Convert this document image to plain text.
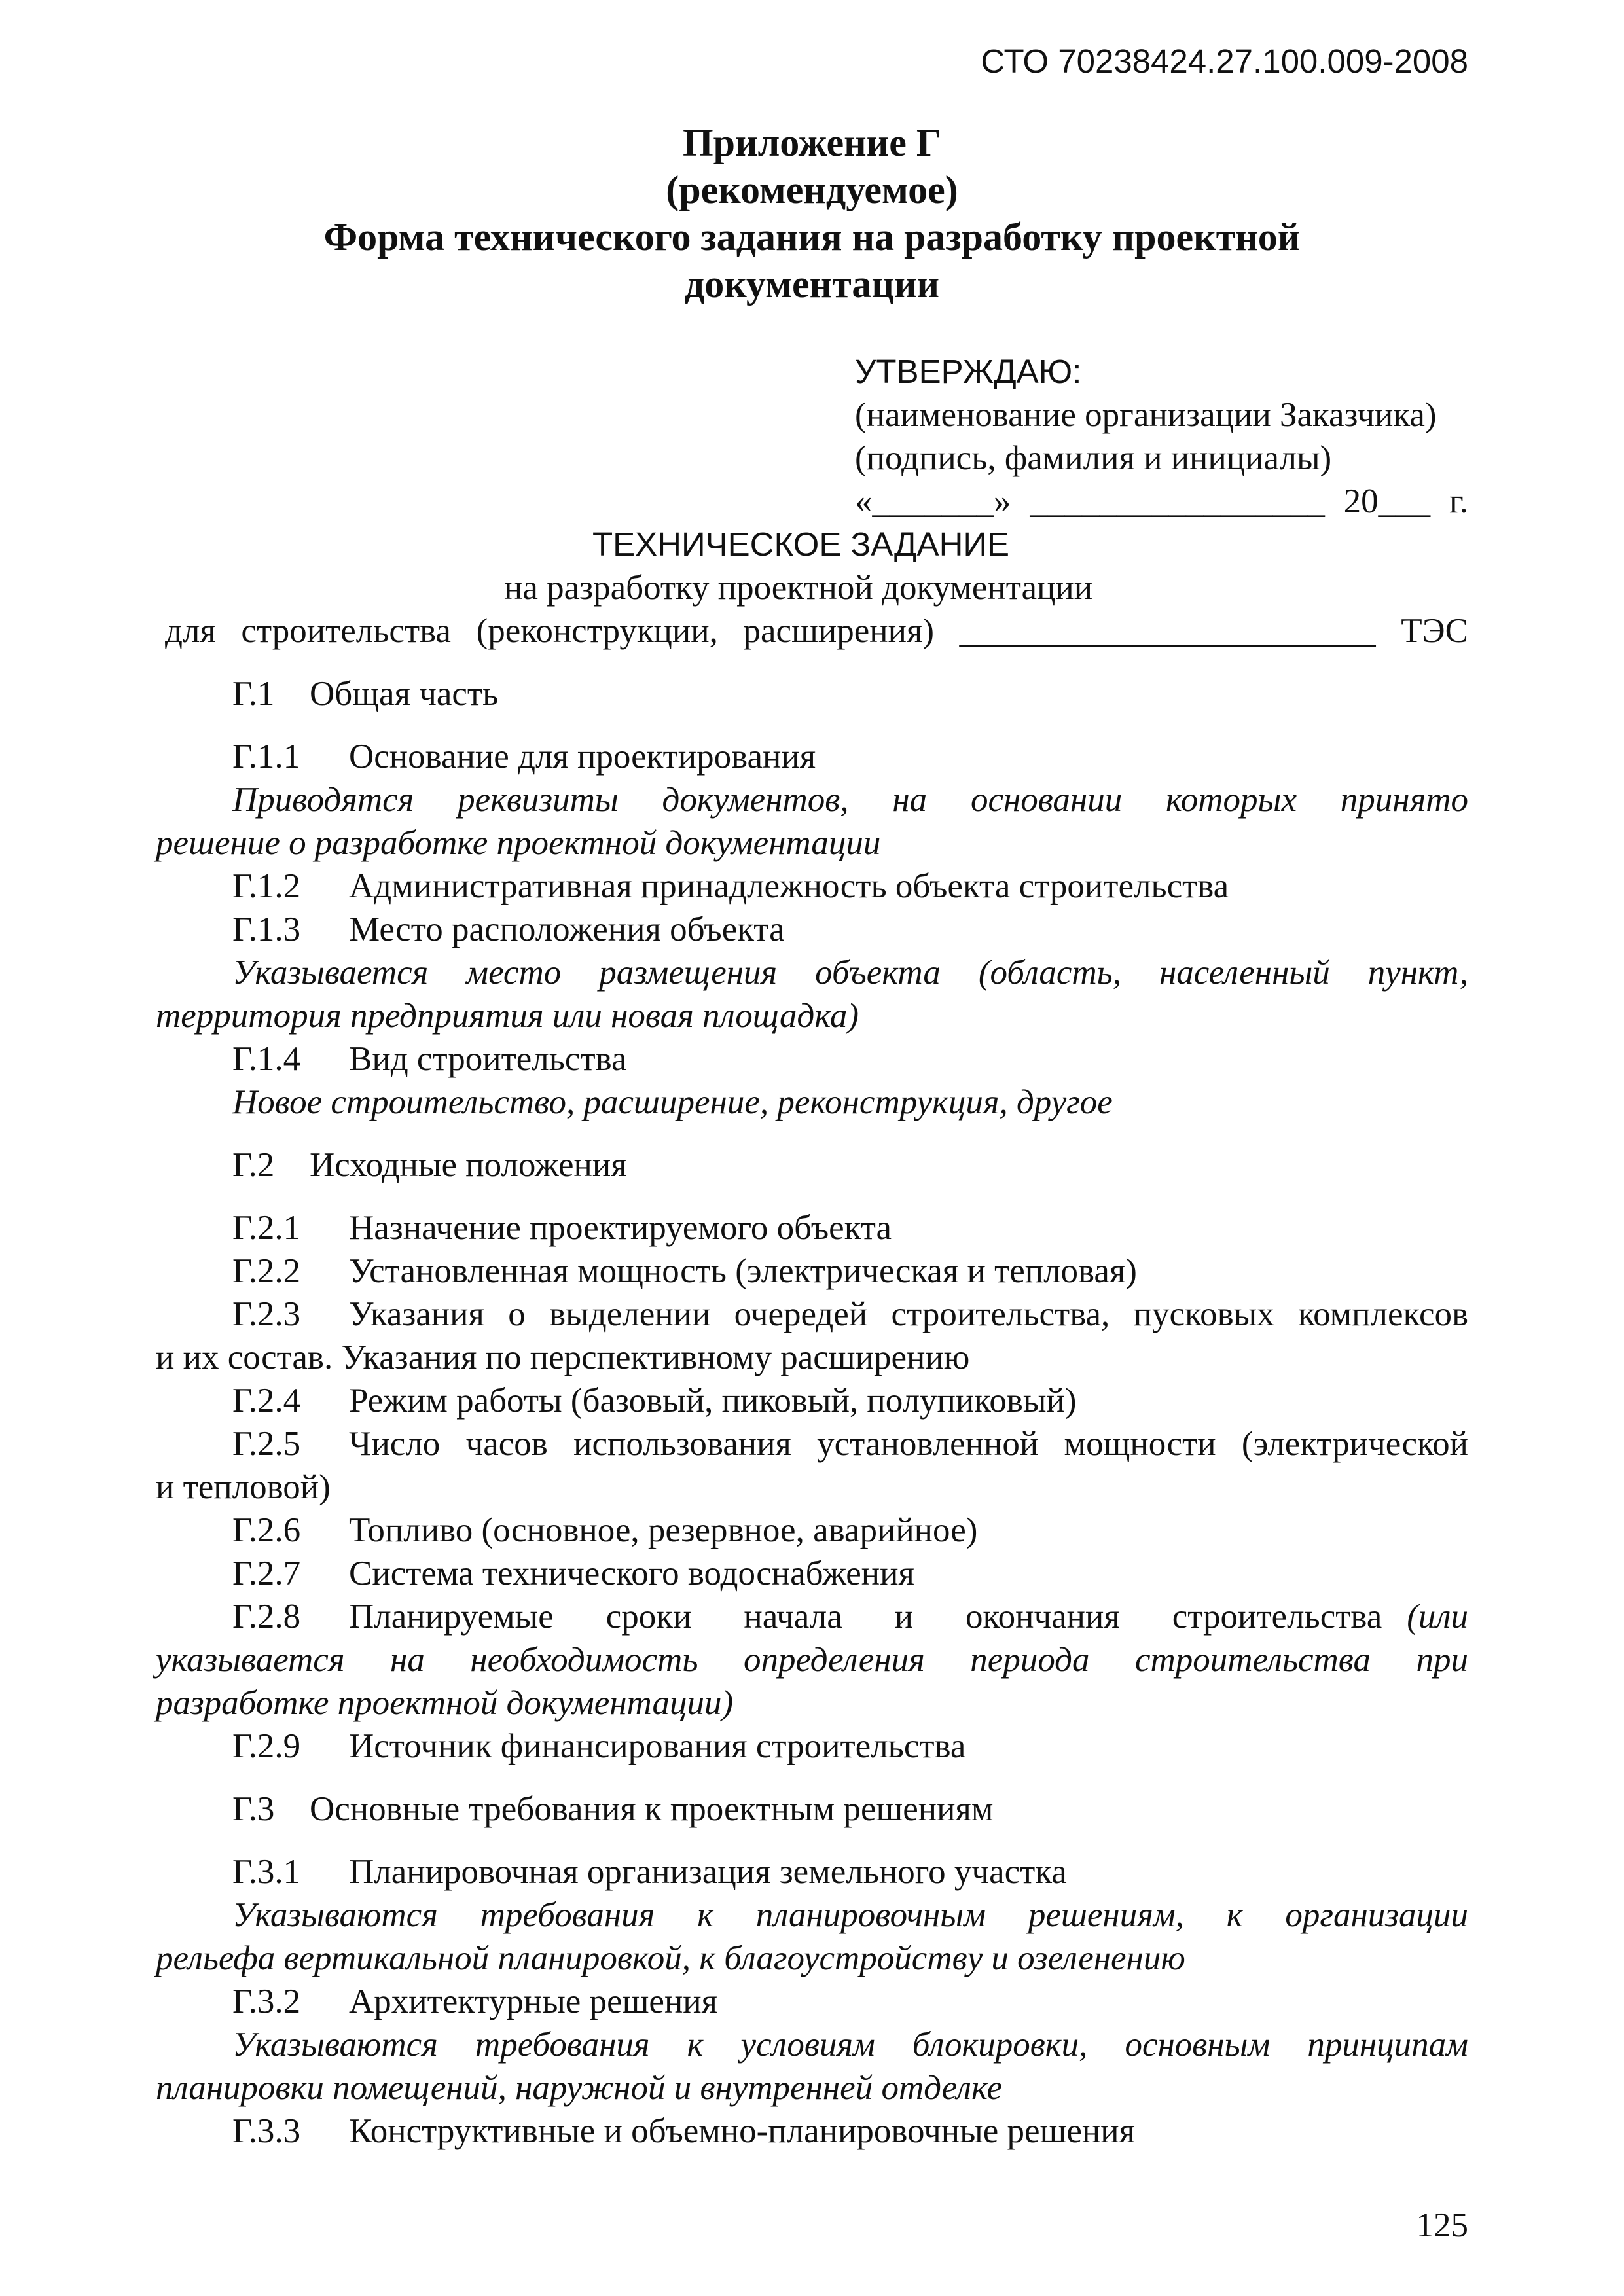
СТО 70238424.27.100.009-2008
Приложение Г
(рекомендуемое)
Форма технического задания на разработку проектной
документации
УТВЕРЖДАЮ:
(наименование организации Заказчика)
(подпись, фамилия и инициалы)
«_______» _________________ 20___ г.
ТЕХНИЧЕСКОЕ ЗАДАНИЕ
на разработку проектной документации
для строительства (реконструкции, расширения) ________________________ ТЭС
Г.1 Общая часть
Г.1.1 Основание для проектирования
Приводятся реквизиты документов, на основании которых принято
решение о разработке проектной документации
Г.1.2 Административная принадлежность объекта строительства
Г.1.3 Место расположения объекта
Указывается место размещения объекта (область, населенный пункт,
территория предприятия или новая площадка)
Г.1.4 Вид строительства
Новое строительство, расширение, реконструкция, другое
Г.2 Исходные положения
Г.2.1 Назначение проектируемого объекта
Г.2.2 Установленная мощность (электрическая и тепловая)
Г.2.3	Указания о выделении очередей строительства, пусковых комплексов
и их состав. Указания по перспективному расширению
Г.2.4 Режим работы (базовый, пиковый, полупиковый)
Г.2.5	Число часов использования установленной мощности (электрической
и тепловой)
Г.2.6 Топливо (основное, резервное, аварийное)
Г.2.7 Система технического водоснабжения
Г.2.8	Планируемые сроки начала и окончания строительства (или
указывается на необходимость определения периода строительства при
разработке проектной документации)
Г.2.9 Источник финансирования строительства
Г.3 Основные требования к проектным решениям
Г.3.1 Планировочная организация земельного участка
Указываются требования к планировочным решениям, к организации
рельефа вертикальной планировкой, к благоустройству и озеленению
Г.3.2 Архитектурные решения
Указываются требования к условиям блокировки, основным принципам
планировки помещений, наружной и внутренней отделке
Г.3.3 Конструктивные и объемно-планировочные решения
125
